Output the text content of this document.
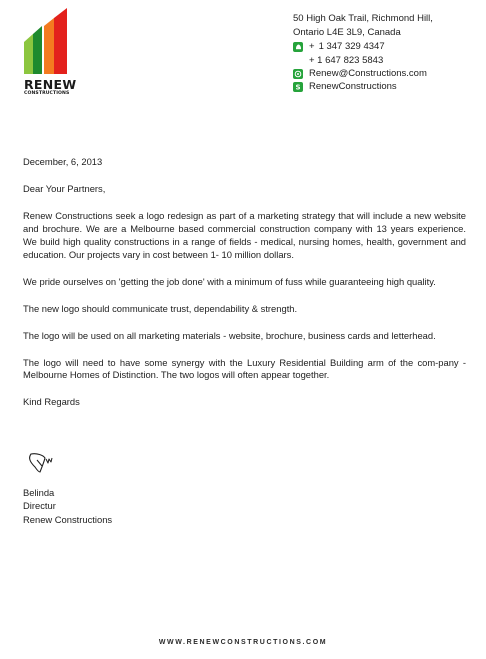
RENEW
CONSTRUCTIONS
50 High Oak Trail, Richmond Hill,
Ontario L4E 3L9, Canada
+ 1 347 329 4347
+ 1 647 823 5843
Renew@Constructions.com
S RenewConstructions

December, 6, 2013

Dear Your Partners,

Renew Constructions seek a logo redesign as part of a marketing strategy that will include a new website and brochure. We are a Melbourne based commercial construction company with 13 years experience. We build high quality constructions in a range of fields - medical, nursing homes, health, government and education. Our projects vary in cost between 1- 10 million dollars.

We pride ourselves on 'getting the job done' with a minimum of fuss while guaranteeing high quality.

The new logo should communicate trust, dependability & strength.

The logo will be used on all marketing materials - website, brochure, business cards and letterhead.

The logo will need to have some synergy with the Luxury Residential Building arm of the com-pany - Melbourne Homes of Distinction. The two logos will often appear together.

Kind Regards

Belinda
Directur
Renew Constructions
WWW.RENEWCONSTRUCTIONS.COM
